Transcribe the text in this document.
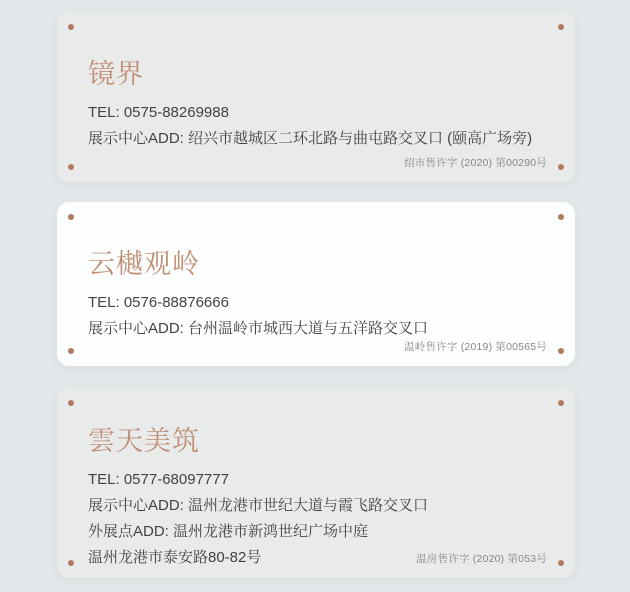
镜界

TEL: 0575-88269988

展示中心ADD: 绍兴市越城区二环北路与曲屯路交叉口 (颐高广场旁)

绍市售许字 (2020) 第00290号
云樾观岭

TEL: 0576-88876666

展示中心ADD: 台州温岭市城西大道与五洋路交叉口

温岭售许字 (2019) 第00565号
雲天美筑

TEL: 0577-68097777

展示中心ADD: 温州龙港市世纪大道与霞飞路交叉口

外展点ADD: 温州龙港市新鸿世纪广场中庭

温州龙港市泰安路80-82号	温房售许字 (2020) 第053号
